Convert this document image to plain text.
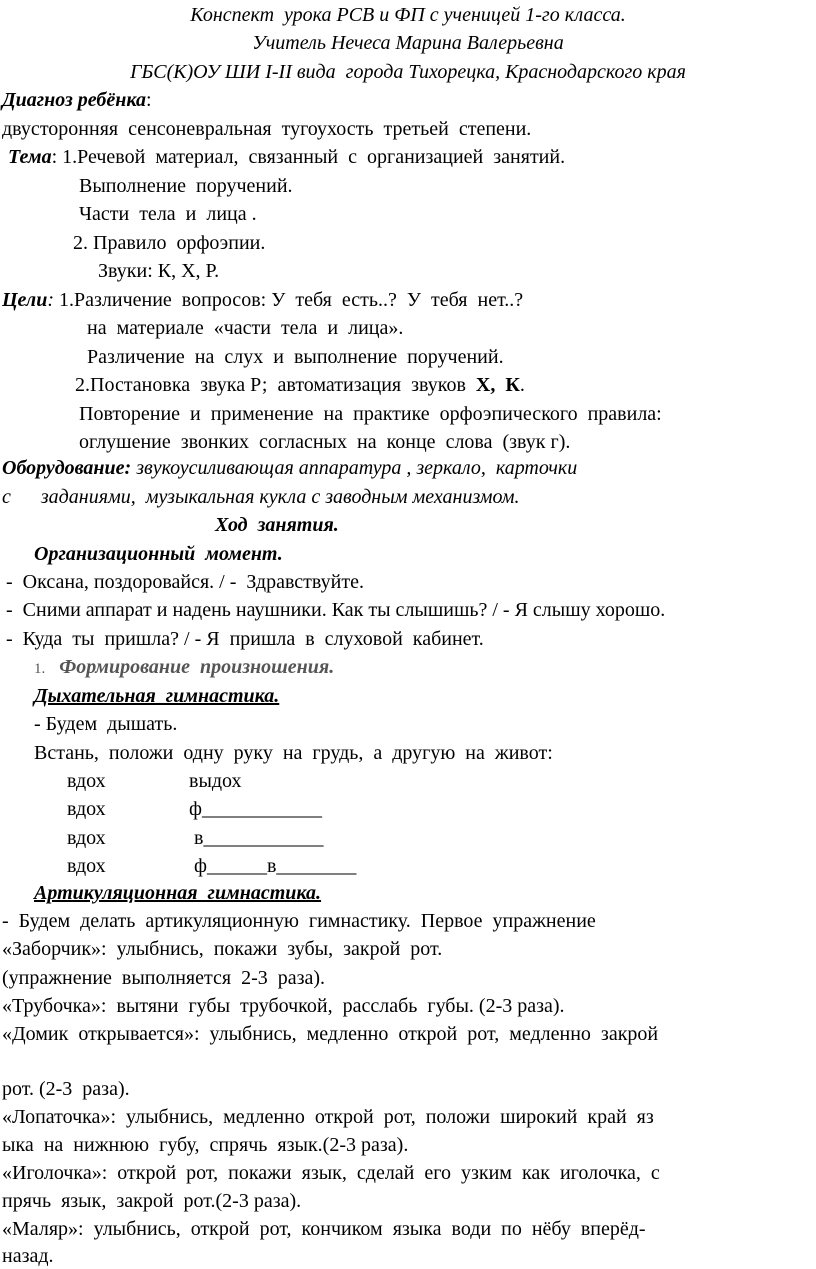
Конспект  урока РСВ и ФП с ученицей 1-го класса.
Учитель Нечеса Марина Валерьевна
ГБС(К)ОУ ШИ I-II вида  города Тихорецка, Краснодарского края
Диагноз ребёнка:
двусторонняя  сенсоневральная  тугоухость  третьей  степени.
Тема: 1.Речевой  материал,  связанный  с  организацией  занятий.
Выполнение  поручений.
Части  тела  и  лица .
2. Правило  орфоэпии.
Звуки: К, Х, Р.
Цели: 1.Различение  вопросов: У  тебя  есть..?  У  тебя  нет..?
на  материале  «части  тела  и  лица».
Различение  на  слух  и  выполнение  поручений.
2.Постановка  звука Р;  автоматизация  звуков  Х,  К.
Повторение  и  применение  на  практике  орфоэпического  правила:
оглушение  звонких  согласных  на  конце  слова  (звук г).
Оборудование: звукоусиливающая аппаратура , зеркало,  карточки
с      заданиями,  музыкальная кукла с заводным механизмом.
Ход  занятия.
Организационный  момент.
-  Оксана, поздоровайся. / -  Здравствуйте.
-  Сними аппарат и надень наушники. Как ты слышишь? / - Я слышу хорошо.
-  Куда  ты  пришла? / - Я  пришла  в  слуховой  кабинет.
1. Формирование  произношения.
Дыхательная  гимнастика.
- Будем  дышать.
Встань,  положи  одну  руку  на  грудь,  а  другую  на  живот:
вдох	выдох
вдох	ф____________
вдох	в____________
вдох	ф______в________
Артикуляционная  гимнастика.
-  Будем  делать  артикуляционную  гимнастику.  Первое  упражнение
«Заборчик»:  улыбнись,  покажи  зубы,  закрой  рот.
(упражнение  выполняется  2-3  раза).
«Трубочка»:  вытяни  губы  трубочкой,  расслабь  губы. (2-3 раза).
«Домик  открывается»:  улыбнись,  медленно  открой  рот,  медленно  закрой
рот. (2-3  раза).
«Лопаточка»:  улыбнись,  медленно  открой  рот,  положи  широкий  край  яз
ыка  на  нижнюю  губу,  спрячь  язык.(2-3 раза).
«Иголочка»:  открой  рот,  покажи  язык,  сделай  его  узким  как  иголочка,  с
прячь  язык,  закрой  рот.(2-3 раза).
«Маляр»:  улыбнись,  открой  рот,  кончиком  языка  води  по  нёбу  вперёд-
назад.
